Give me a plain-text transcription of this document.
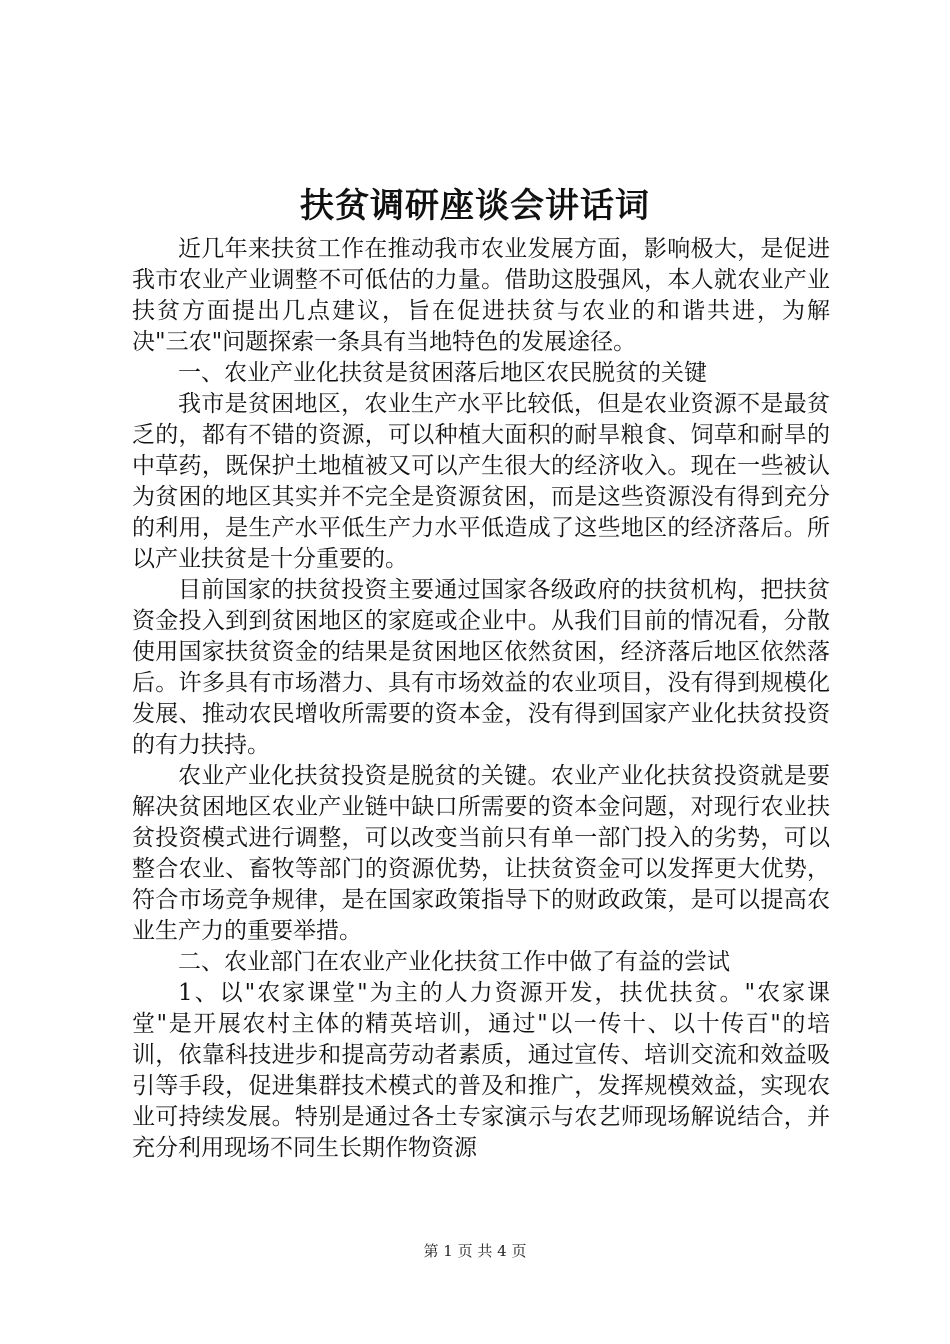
扶贫调研座谈会讲话词

近几年来扶贫工作在推动我市农业发展方面，影响极大，是促进我市农业产业调整不可低估的力量。借助这股强风，本人就农业产业扶贫方面提出几点建议，旨在促进扶贫与农业的和谐共进，为解决"三农"问题探索一条具有当地特色的发展途径。

一、农业产业化扶贫是贫困落后地区农民脱贫的关键

我市是贫困地区，农业生产水平比较低，但是农业资源不是最贫乏的，都有不错的资源，可以种植大面积的耐旱粮食、饲草和耐旱的中草药，既保护土地植被又可以产生很大的经济收入。现在一些被认为贫困的地区其实并不完全是资源贫困，而是这些资源没有得到充分的利用，是生产水平低生产力水平低造成了这些地区的经济落后。所以产业扶贫是十分重要的。

目前国家的扶贫投资主要通过国家各级政府的扶贫机构，把扶贫资金投入到到贫困地区的家庭或企业中。从我们目前的情况看，分散使用国家扶贫资金的结果是贫困地区依然贫困，经济落后地区依然落后。许多具有市场潜力、具有市场效益的农业项目，没有得到规模化发展、推动农民增收所需要的资本金，没有得到国家产业化扶贫投资的有力扶持。

农业产业化扶贫投资是脱贫的关键。农业产业化扶贫投资就是要解决贫困地区农业产业链中缺口所需要的资本金问题，对现行农业扶贫投资模式进行调整，可以改变当前只有单一部门投入的劣势，可以整合农业、畜牧等部门的资源优势，让扶贫资金可以发挥更大优势，符合市场竞争规律，是在国家政策指导下的财政政策，是可以提高农业生产力的重要举措。

二、农业部门在农业产业化扶贫工作中做了有益的尝试

1、以"农家课堂"为主的人力资源开发，扶优扶贫。"农家课堂"是开展农村主体的精英培训，通过"以一传十、以十传百"的培训，依靠科技进步和提高劳动者素质，通过宣传、培训交流和效益吸引等手段，促进集群技术模式的普及和推广，发挥规模效益，实现农业可持续发展。特别是通过各土专家演示与农艺师现场解说结合，并充分利用现场不同生长期作物资源

第 1 页 共 4 页
